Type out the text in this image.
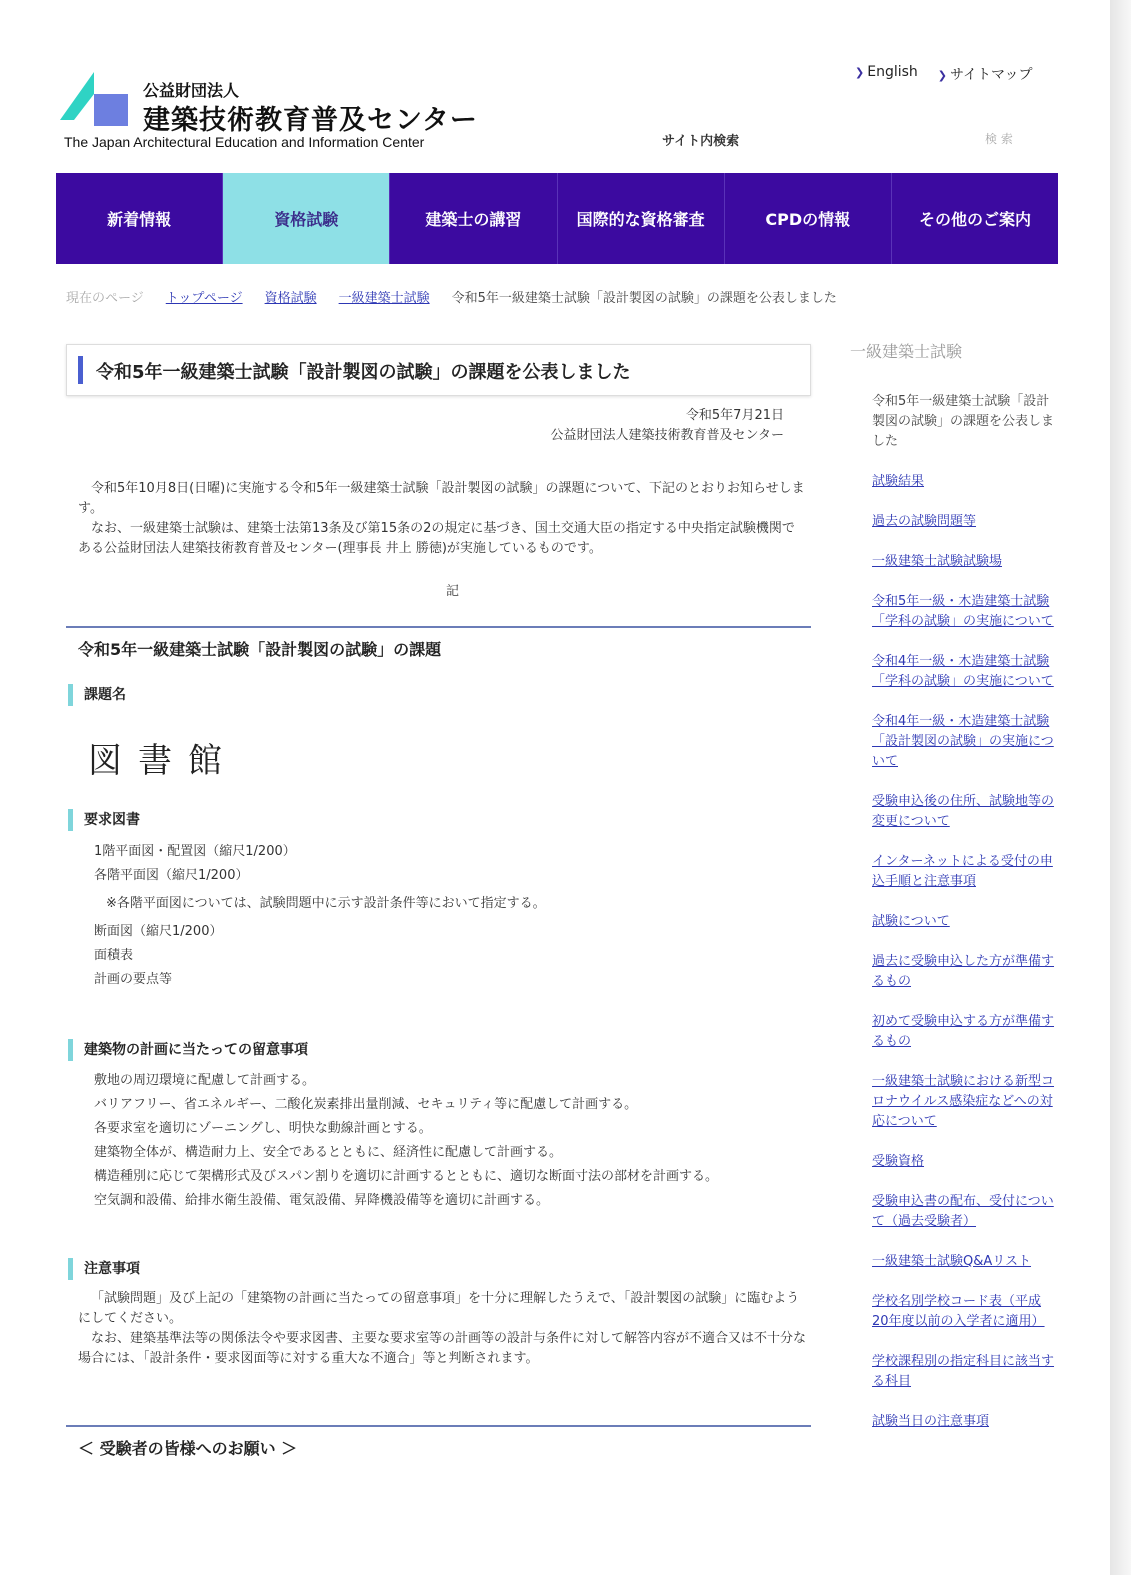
公益財団法人
建築技術教育普及センター
The Japan Architectural Education and Information Center
❯ English ❯ サイトマップ
サイト内検索	検 索
新着情報	資格試験	建築士の講習	国際的な資格審査	CPDの情報	その他のご案内
現在のページ トップページ 資格試験 一級建築士試験 令和5年一級建築士試験「設計製図の試験」の課題を公表しました
令和5年一級建築士試験「設計製図の試験」の課題を公表しました
令和5年7月21日
公益財団法人建築技術教育普及センター
令和5年10月8日(日曜)に実施する令和5年一級建築士試験「設計製図の試験」の課題について、下記のとおりお知らせします。
なお、一級建築士試験は、建築士法第13条及び第15条の2の規定に基づき、国土交通大臣の指定する中央指定試験機関である公益財団法人建築技術教育普及センター(理事長 井上 勝徳)が実施しているものです。
記
令和5年一級建築士試験「設計製図の試験」の課題
課題名
図書館
要求図書
1階平面図・配置図（縮尺1/200）
各階平面図（縮尺1/200）
※各階平面図については、試験問題中に示す設計条件等において指定する。
断面図（縮尺1/200）
面積表
計画の要点等
建築物の計画に当たっての留意事項
敷地の周辺環境に配慮して計画する。
バリアフリー、省エネルギー、二酸化炭素排出量削減、セキュリティ等に配慮して計画する。
各要求室を適切にゾーニングし、明快な動線計画とする。
建築物全体が、構造耐力上、安全であるとともに、経済性に配慮して計画する。
構造種別に応じて架構形式及びスパン割りを適切に計画するとともに、適切な断面寸法の部材を計画する。
空気調和設備、給排水衛生設備、電気設備、昇降機設備等を適切に計画する。
注意事項
「試験問題」及び上記の「建築物の計画に当たっての留意事項」を十分に理解したうえで、「設計製図の試験」に臨むようにしてください。
なお、建築基準法等の関係法令や要求図書、主要な要求室等の計画等の設計与条件に対して解答内容が不適合又は不十分な場合には、「設計条件・要求図面等に対する重大な不適合」等と判断されます。
＜ 受験者の皆様へのお願い ＞
一級建築士試験
令和5年一級建築士試験「設計製図の試験」の課題を公表しました
試験結果
過去の試験問題等
一級建築士試験試験場
令和5年一級・木造建築士試験「学科の試験」の実施について
令和4年一級・木造建築士試験「学科の試験」の実施について
令和4年一級・木造建築士試験「設計製図の試験」の実施について
受験申込後の住所、試験地等の変更について
インターネットによる受付の申込手順と注意事項
試験について
過去に受験申込した方が準備するもの
初めて受験申込する方が準備するもの
一級建築士試験における新型コロナウイルス感染症などへの対応について
受験資格
受験申込書の配布、受付について（過去受験者）
一級建築士試験Q&Aリスト
学校名別学校コード表（平成20年度以前の入学者に適用）
学校課程別の指定科目に該当する科目
試験当日の注意事項
